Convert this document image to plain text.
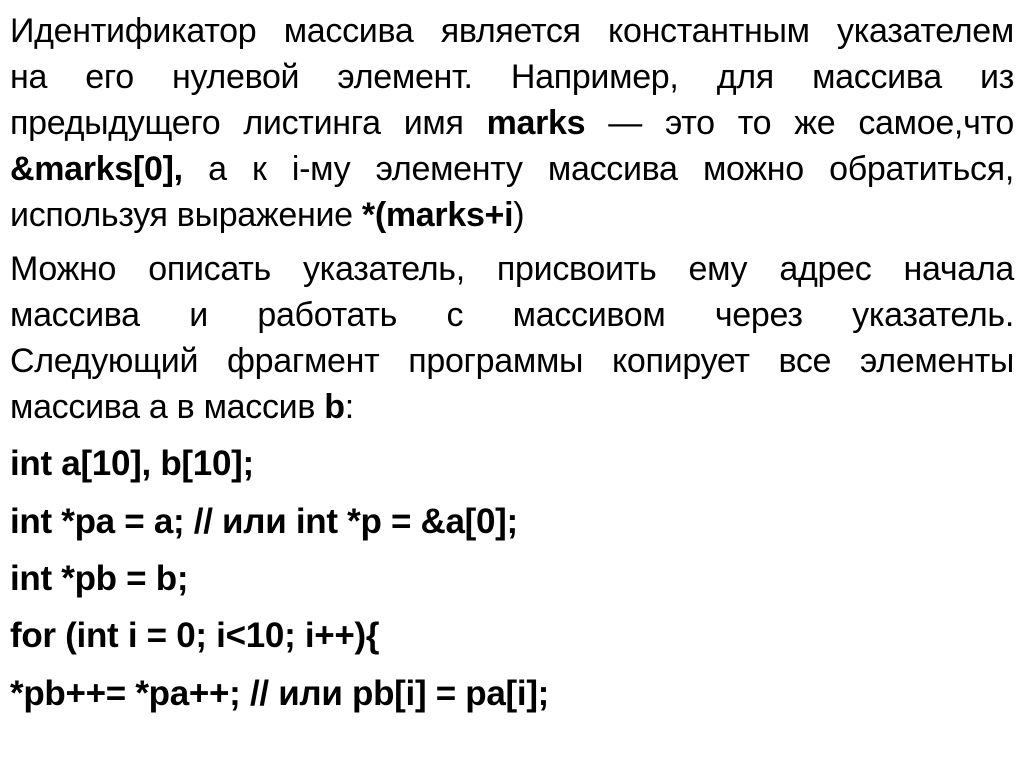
Идентификатор массива является константным указателем
на его нулевой элемент. Например, для массива из
предыдущего листинга имя marks — это то же самое,что
&marks[0], а к i-му элементу массива можно обратиться,
используя выражение *(marks+i)

Можно описать указатель, присвоить ему адрес начала
массива и работать с массивом через указатель.
Следующий фрагмент программы копирует все элементы
массива а в массив b:

int a[10], b[10];
int *pa = a; // или int *p = &a[0];
int *pb = b;
for (int i = 0; i<10; i++){
*pb++= *pa++; // или pb[i] = pa[i];
